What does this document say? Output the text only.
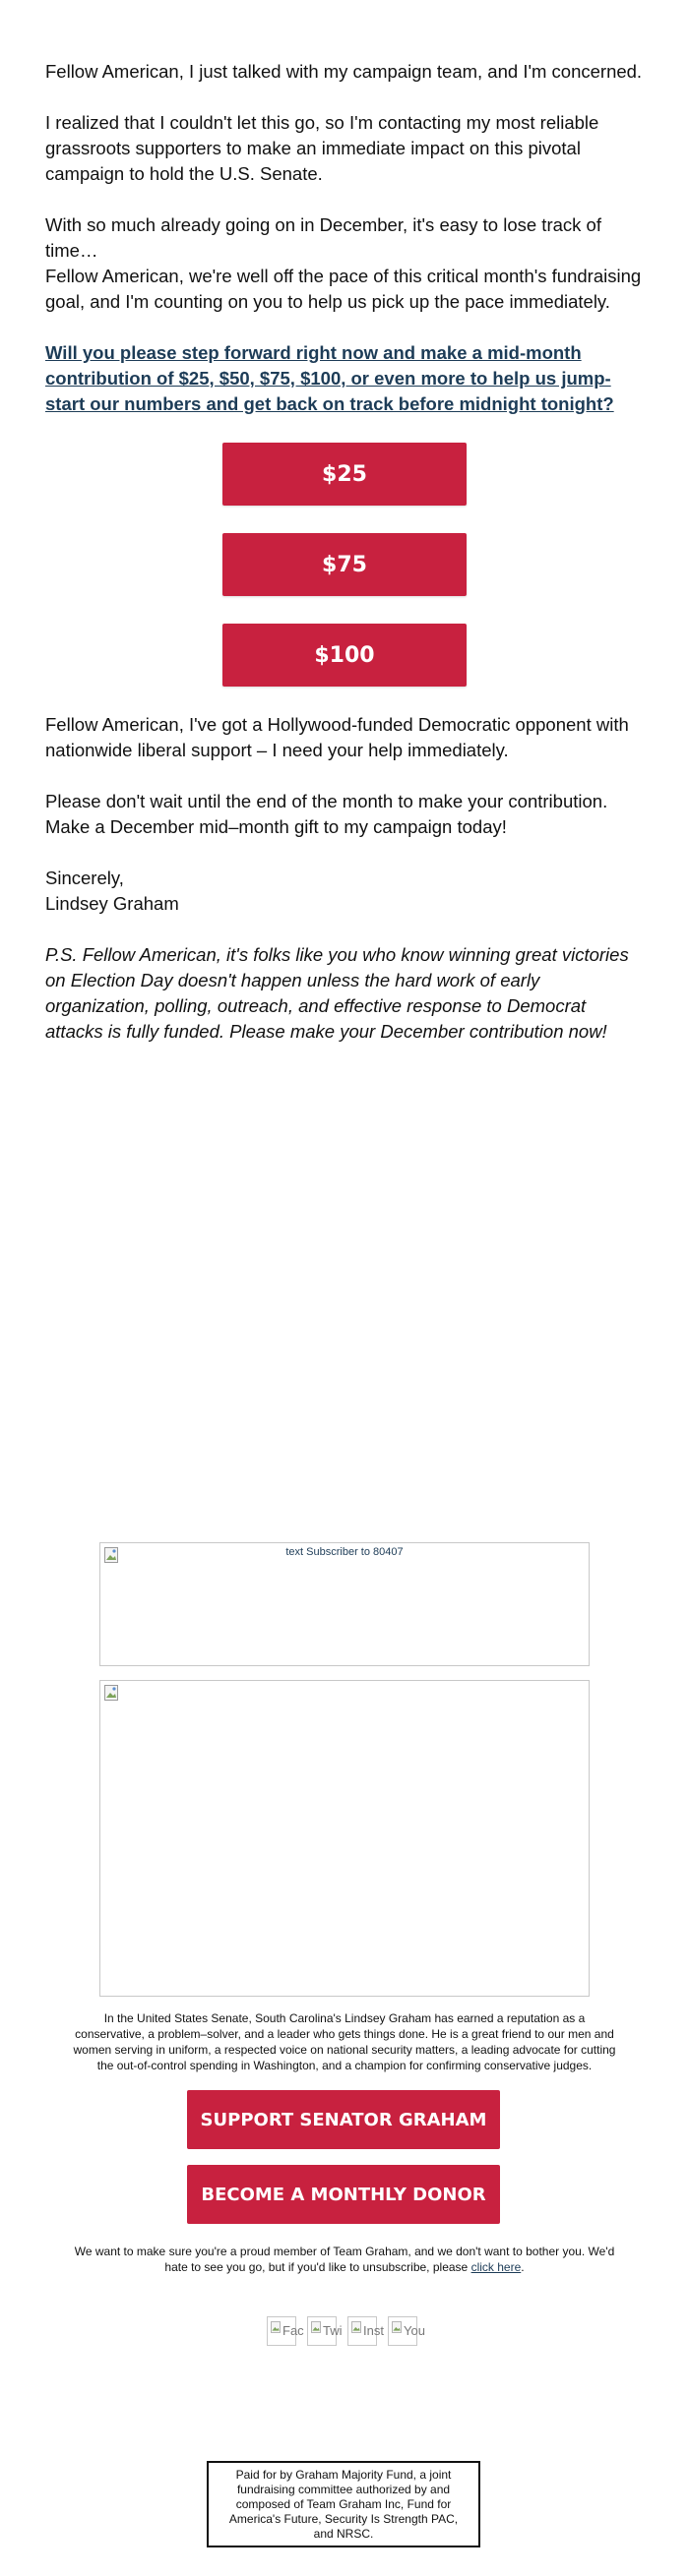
Fellow American, I just talked with my campaign team, and I'm concerned.

I realized that I couldn't let this go, so I'm contacting my most reliable grassroots supporters to make an immediate impact on this pivotal campaign to hold the U.S. Senate.

With so much already going on in December, it's easy to lose track of time…

Fellow American, we're well off the pace of this critical month's fundraising goal, and I'm counting on you to help us pick up the pace immediately.

Will you please step forward right now and make a mid-month contribution of $25, $50, $75, $100, or even more to help us jump-start our numbers and get back on track before midnight tonight?

$25
$75
$100

Fellow American, I've got a Hollywood-funded Democratic opponent with nationwide liberal support – I need your help immediately.

Please don't wait until the end of the month to make your contribution. Make a December mid–month gift to my campaign today!

Sincerely,

Lindsey Graham

P.S. Fellow American, it's folks like you who know winning great victories on Election Day doesn't happen unless the hard work of early organization, polling, outreach, and effective response to Democrat attacks is fully funded. Please make your December contribution now!

text Subscriber to 80407

In the United States Senate, South Carolina's Lindsey Graham has earned a reputation as a conservative, a problem–solver, and a leader who gets things done. He is a great friend to our men and women serving in uniform, a respected voice on national security matters, a leading advocate for cutting the out-of-control spending in Washington, and a champion for confirming conservative judges.

SUPPORT SENATOR GRAHAM
BECOME A MONTHLY DONOR

We want to make sure you're a proud member of Team Graham, and we don't want to bother you. We'd hate to see you go, but if you'd like to unsubscribe, please click here.

Fac	Twi	Inst	You
Paid for by Graham Majority Fund, a joint fundraising committee authorized by and composed of Team Graham Inc, Fund for America's Future, Security Is Strength PAC, and NRSC.
